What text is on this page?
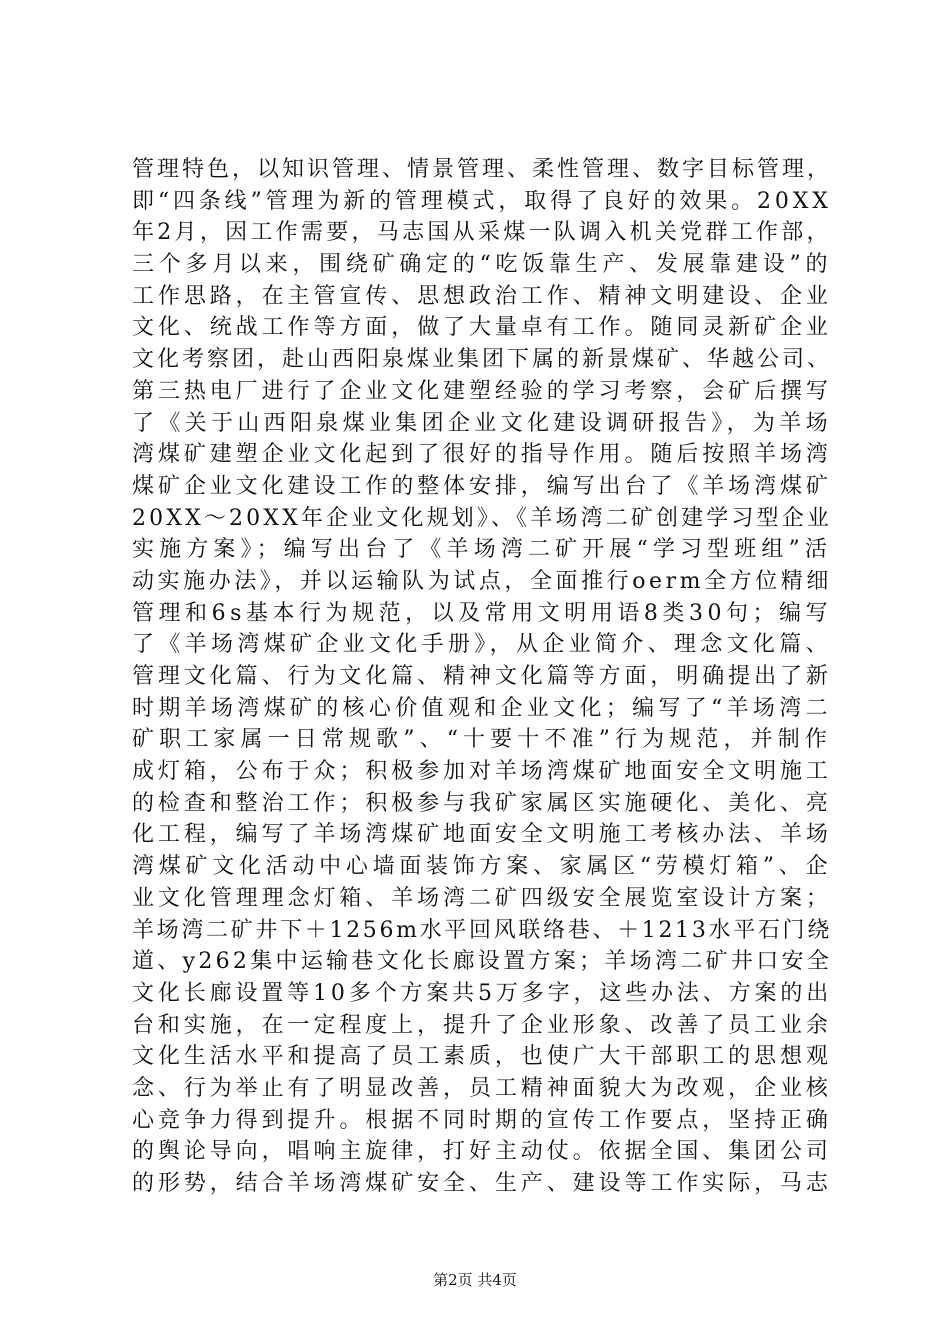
管理特色，以知识管理、情景管理、柔性管理、数字目标管理，
即“四条线”管理为新的管理模式，取得了良好的效果。20XX
年2月，因工作需要，马志国从采煤一队调入机关党群工作部，
三个多月以来，围绕矿确定的“吃饭靠生产、发展靠建设”的
工作思路，在主管宣传、思想政治工作、精神文明建设、企业
文化、统战工作等方面，做了大量卓有工作。随同灵新矿企业
文化考察团，赴山西阳泉煤业集团下属的新景煤矿、华越公司、
第三热电厂进行了企业文化建塑经验的学习考察，会矿后撰写
了《关于山西阳泉煤业集团企业文化建设调研报告》，为羊场
湾煤矿建塑企业文化起到了很好的指导作用。随后按照羊场湾
煤矿企业文化建设工作的整体安排，编写出台了《羊场湾煤矿
20XX～20XX年企业文化规划》、《羊场湾二矿创建学习型企业
实施方案》；编写出台了《羊场湾二矿开展“学习型班组”活
动实施办法》，并以运输队为试点，全面推行oerm全方位精细
管理和6s基本行为规范，以及常用文明用语8类30句；编写
了《羊场湾煤矿企业文化手册》，从企业简介、理念文化篇、
管理文化篇、行为文化篇、精神文化篇等方面，明确提出了新
时期羊场湾煤矿的核心价值观和企业文化；编写了“羊场湾二
矿职工家属一日常规歌”、“十要十不准”行为规范，并制作
成灯箱，公布于众；积极参加对羊场湾煤矿地面安全文明施工
的检查和整治工作；积极参与我矿家属区实施硬化、美化、亮
化工程，编写了羊场湾煤矿地面安全文明施工考核办法、羊场
湾煤矿文化活动中心墙面装饰方案、家属区“劳模灯箱”、企
业文化管理理念灯箱、羊场湾二矿四级安全展览室设计方案；
羊场湾二矿井下＋1256m水平回风联络巷、＋1213水平石门绕
道、y262集中运输巷文化长廊设置方案；羊场湾二矿井口安全
文化长廊设置等10多个方案共5万多字，这些办法、方案的出
台和实施，在一定程度上，提升了企业形象、改善了员工业余
文化生活水平和提高了员工素质，也使广大干部职工的思想观
念、行为举止有了明显改善，员工精神面貌大为改观，企业核
心竞争力得到提升。根据不同时期的宣传工作要点，坚持正确
的舆论导向，唱响主旋律，打好主动仗。依据全国、集团公司
的形势，结合羊场湾煤矿安全、生产、建设等工作实际，马志
第2页 共4页
